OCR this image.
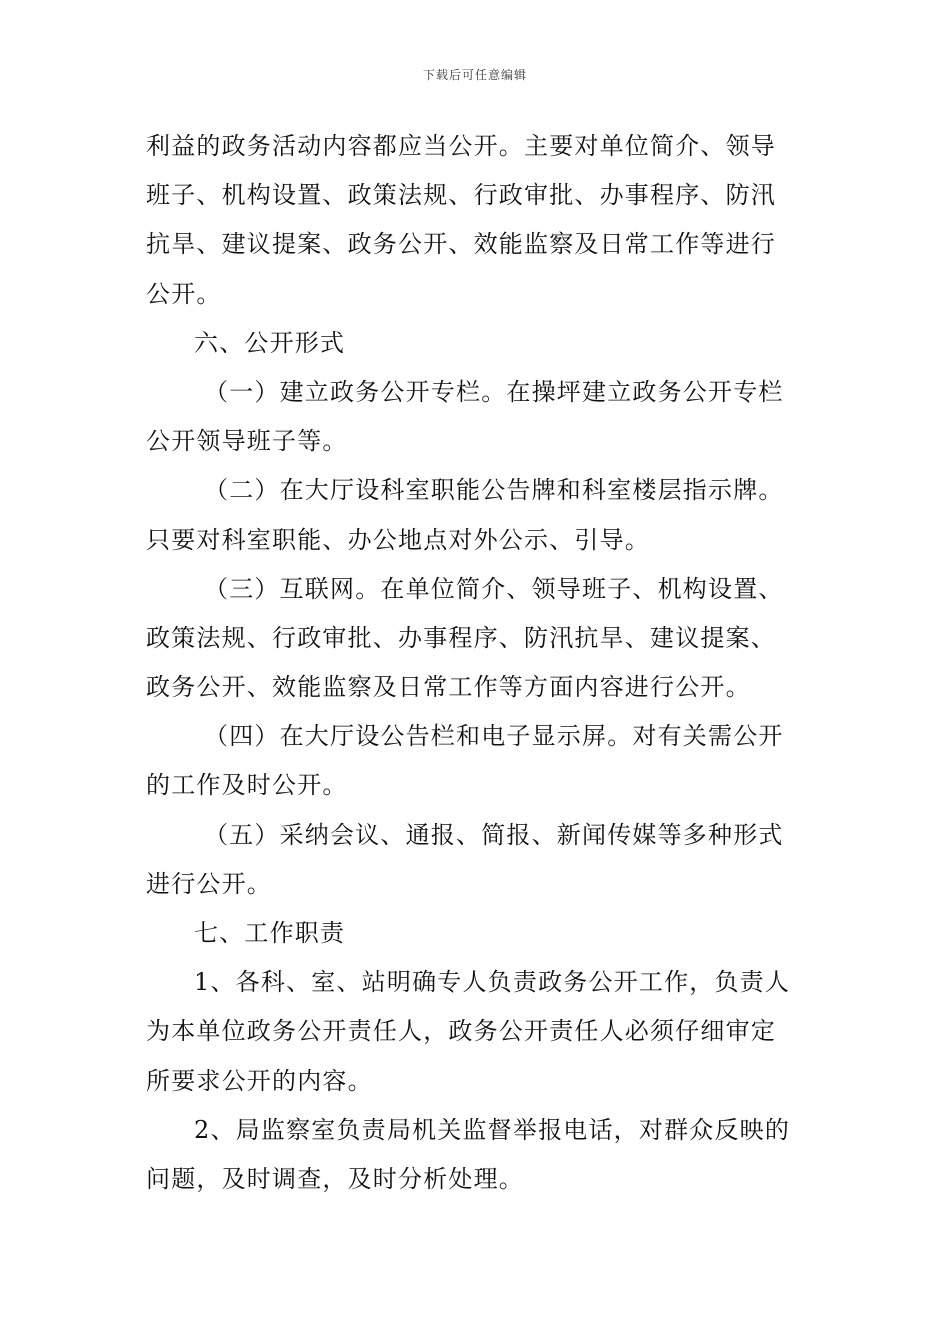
下载后可任意编辑
利益的政务活动内容都应当公开。主要对单位简介、领导
班子、机构设置、政策法规、行政审批、办事程序、防汛
抗旱、建议提案、政务公开、效能监察及日常工作等进行
公开。
六、公开形式
（一）建立政务公开专栏。在操坪建立政务公开专栏
公开领导班子等。
（二）在大厅设科室职能公告牌和科室楼层指示牌。
只要对科室职能、办公地点对外公示、引导。
（三）互联网。在单位简介、领导班子、机构设置、
政策法规、行政审批、办事程序、防汛抗旱、建议提案、
政务公开、效能监察及日常工作等方面内容进行公开。
（四）在大厅设公告栏和电子显示屏。对有关需公开
的工作及时公开。
（五）采纳会议、通报、简报、新闻传媒等多种形式
进行公开。
七、工作职责
1、各科、室、站明确专人负责政务公开工作，负责人
为本单位政务公开责任人，政务公开责任人必须仔细审定
所要求公开的内容。
2、局监察室负责局机关监督举报电话，对群众反映的
问题，及时调查，及时分析处理。
